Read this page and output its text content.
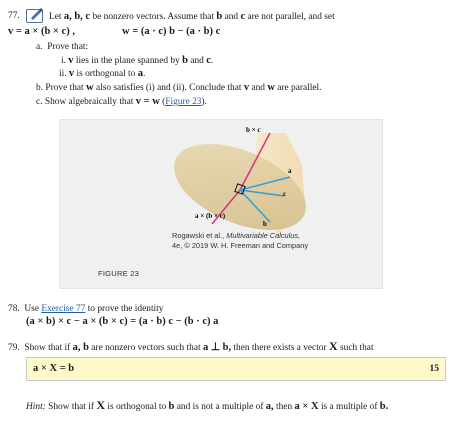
77.	Let a, b, c be nonzero vectors. Assume that b and c are not parallel, and set
v = a × (b × c) ,	w = (a · c) b − (a · b) c
a. Prove that:
i. v lies in the plane spanned by b and c.
ii. v is orthogonal to a.
b. Prove that w also satisfies (i) and (ii). Conclude that v and w are parallel.
c. Show algebraically that v = w (Figure 23).
b × c
a
c
b
a × (b × c)
Rogawski et al., Multivariable Calculus,
4e, © 2019 W. H. Freeman and Company
FIGURE 23
78. Use Exercise 77 to prove the identity
(a × b) × c − a × (b × c) = (a · b) c − (b · c) a
79. Show that if a, b are nonzero vectors such that a ⊥ b, then there exists a vector X such that
a × X = b	15
Hint: Show that if X is orthogonal to b and is not a multiple of a, then a × X is a multiple of b.
